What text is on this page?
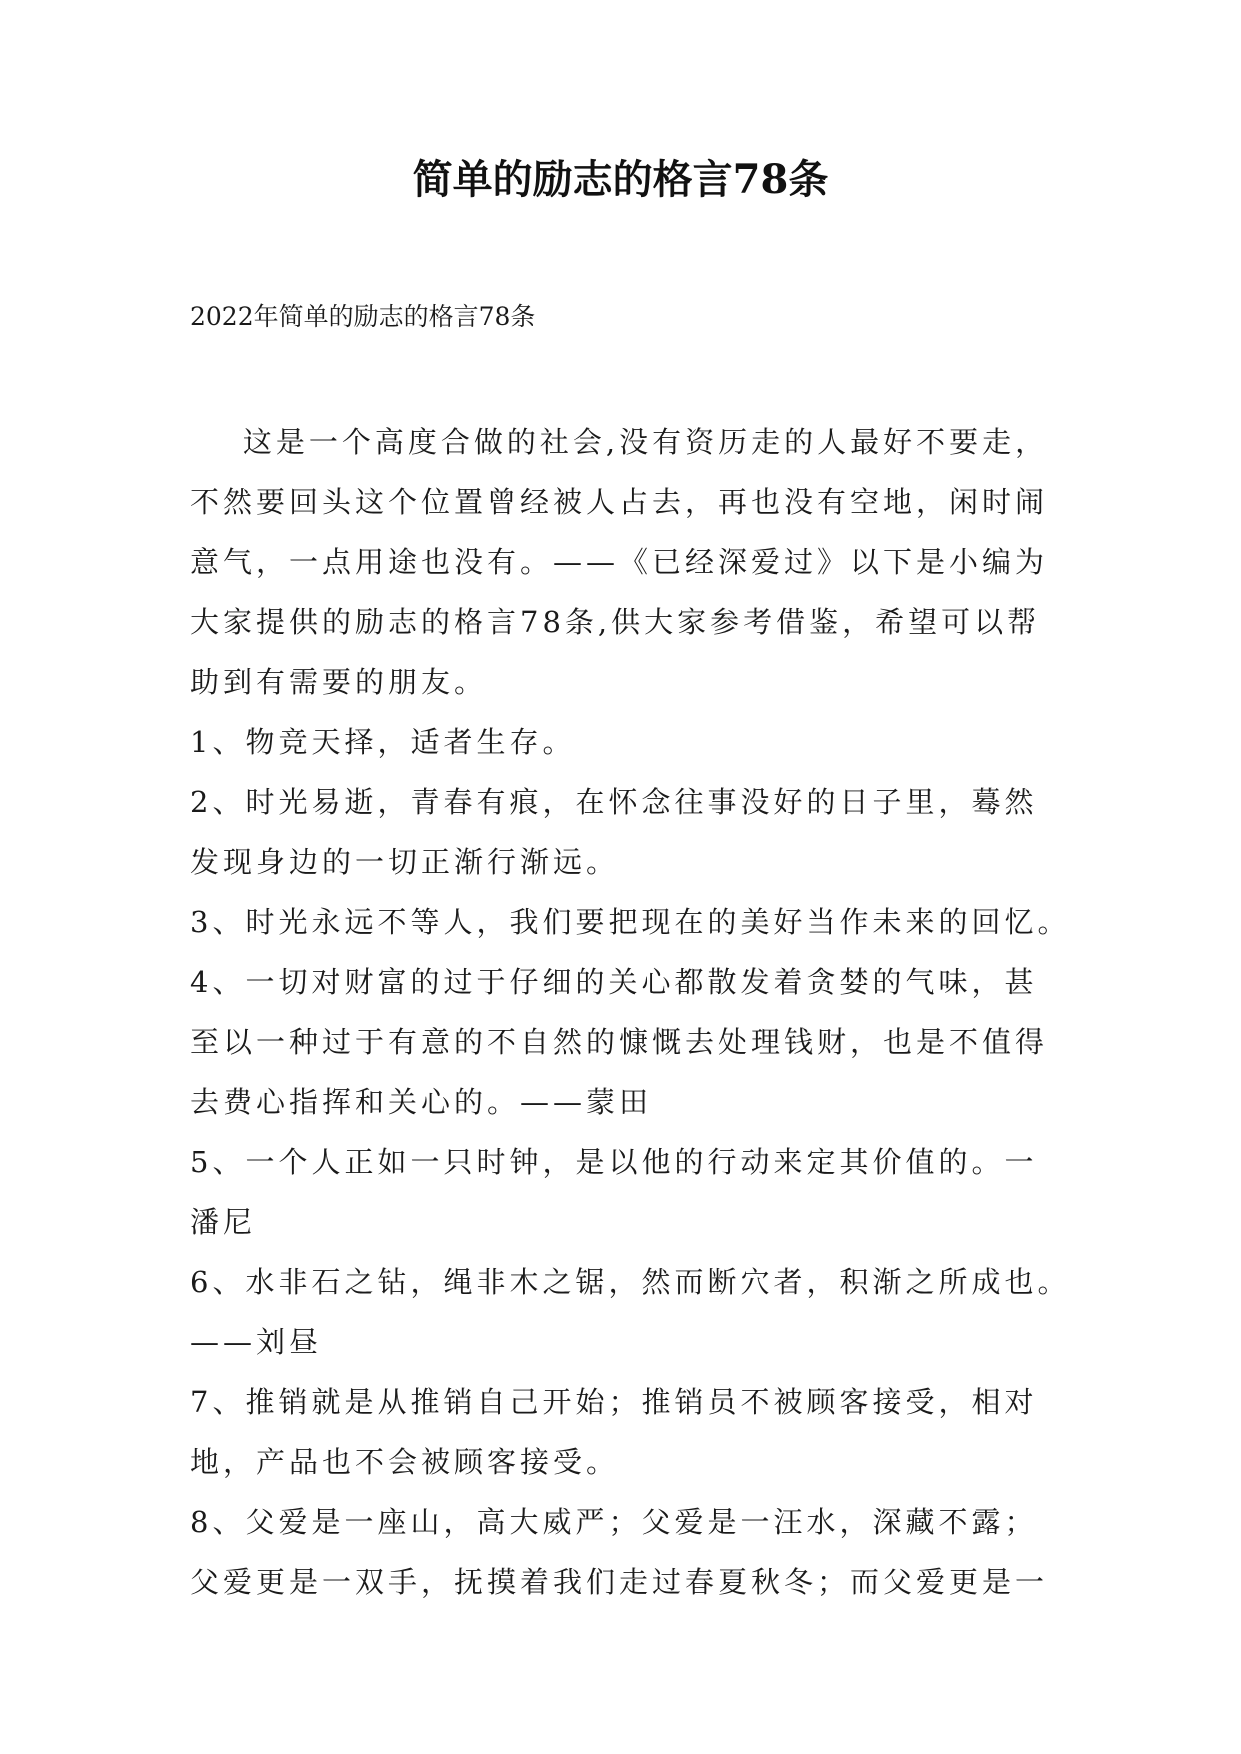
简单的励志的格言78条

2022年简单的励志的格言78条

这是一个高度合做的社会,没有资历走的人最好不要走，
不然要回头这个位置曾经被人占去，再也没有空地，闲时闹
意气，一点用途也没有。——《已经深爱过》以下是小编为
大家提供的励志的格言78条,供大家参考借鉴，希望可以帮
助到有需要的朋友。
1、物竞天择，适者生存。
2、时光易逝，青春有痕，在怀念往事没好的日子里，蓦然
发现身边的一切正渐行渐远。
3、时光永远不等人，我们要把现在的美好当作未来的回忆。
4、一切对财富的过于仔细的关心都散发着贪婪的气味，甚
至以一种过于有意的不自然的慷慨去处理钱财，也是不值得
去费心指挥和关心的。——蒙田
5、一个人正如一只时钟，是以他的行动来定其价值的。一
潘尼
6、水非石之钻，绳非木之锯，然而断穴者，积渐之所成也。
——刘昼
7、推销就是从推销自己开始；推销员不被顾客接受，相对
地，产品也不会被顾客接受。
8、父爱是一座山，高大威严；父爱是一汪水，深藏不露；
父爱更是一双手，抚摸着我们走过春夏秋冬；而父爱更是一
